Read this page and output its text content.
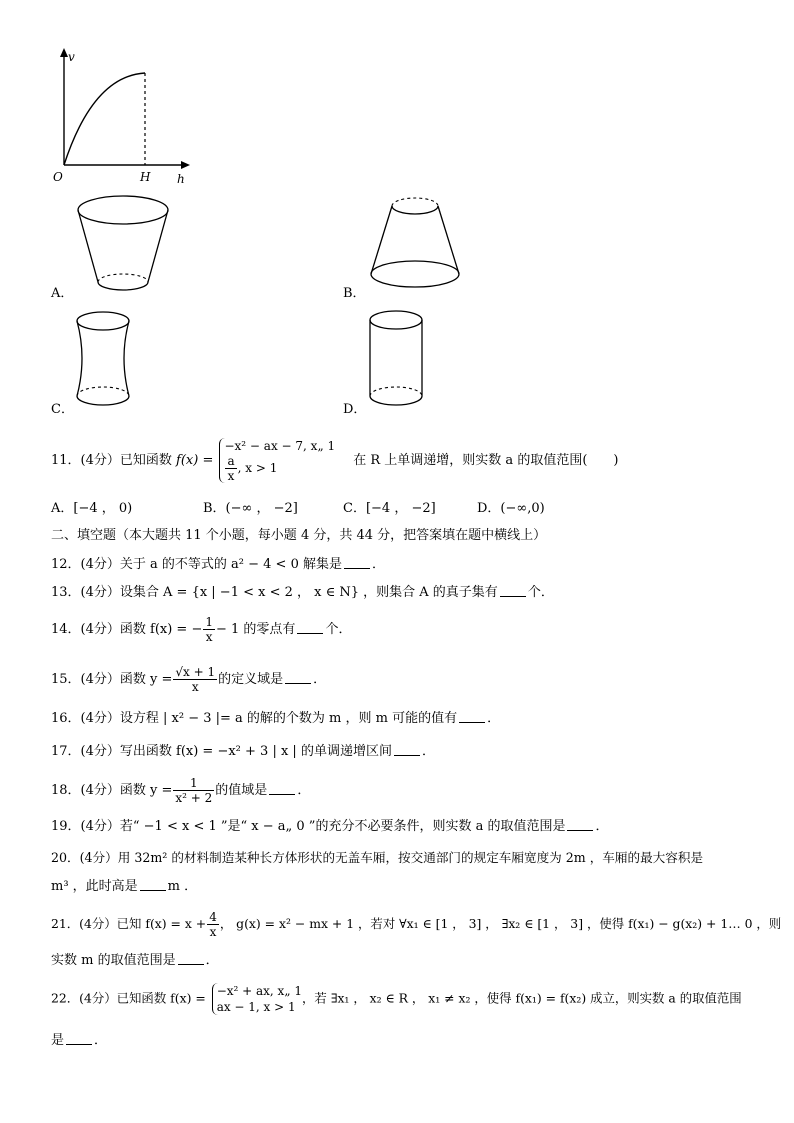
v
O	H h
A．	B．
C．	D．
11．(4分）已知函数 f(x) =
−x² − ax − 7, x„ 1
$\frac{a}{x}$ , x > 1	在 R 上单调递增，则实数 a 的取值范围(　　)
A．[−4 ， 0)	B．(−∞ ， −2]	C．[−4 ， −2]	D．(−∞,0)
二、填空题（本大题共 11 个小题，每小题 4 分，共 44 分，把答案填在题中横线上）
12．(4分）关于 a 的不等式的 a² − 4 < 0 解集是 ．
13．(4分）设集合 A = {x | −1 < x < 2 ， x ∈ N} ，则集合 A 的真子集有 个．
14．(4分）函数 f(x) = − $\frac{1}{x} - 1$ 的零点有 个．
15．(4分）函数 $y = \frac{√x + 1}{x}$ 的定义域是 ．
16．(4分）设方程 | x² − 3 |= a 的解的个数为 m ，则 m 可能的值有 ．
17．(4分）写出函数 f(x) = −x² + 3 | x | 的单调递增区间 ．
18．(4分）函数 $y = \frac{1}{\text{x² + 2}}$ 的值域是 ．
19．(4分）若“ −1 < x < 1 ”是“ x − a„ 0 ”的充分不必要条件，则实数 a 的取值范围是 ．
20．(4分）用 32m² 的材料制造某种长方体形状的无盖车厢，按交通部门的规定车厢宽度为 2m ，车厢的最大容积是
m³ ，此时高是 m ．
21．(4分）已知 $f(x) = x + \frac{4}{x}$ ， g(x) = x² − mx + 1 ，若对 ∀x₁ ∈ [1 ， 3] ， ∃x₂ ∈ [1 ， 3] ，使得 f(x₁) − g(x₂) + 1… 0 ，则
实数 m 的取值范围是 ．
22．(4分）已知函数 f(x) = −x² + ax, x„ 1
ax − 1, x > 1
，若 ∃x₁ ， x₂ ∈ R ， x₁ ≠ x₂ ，使得 f(x₁) = f(x₂) 成立，则实数 a 的取值范围
是 ．
